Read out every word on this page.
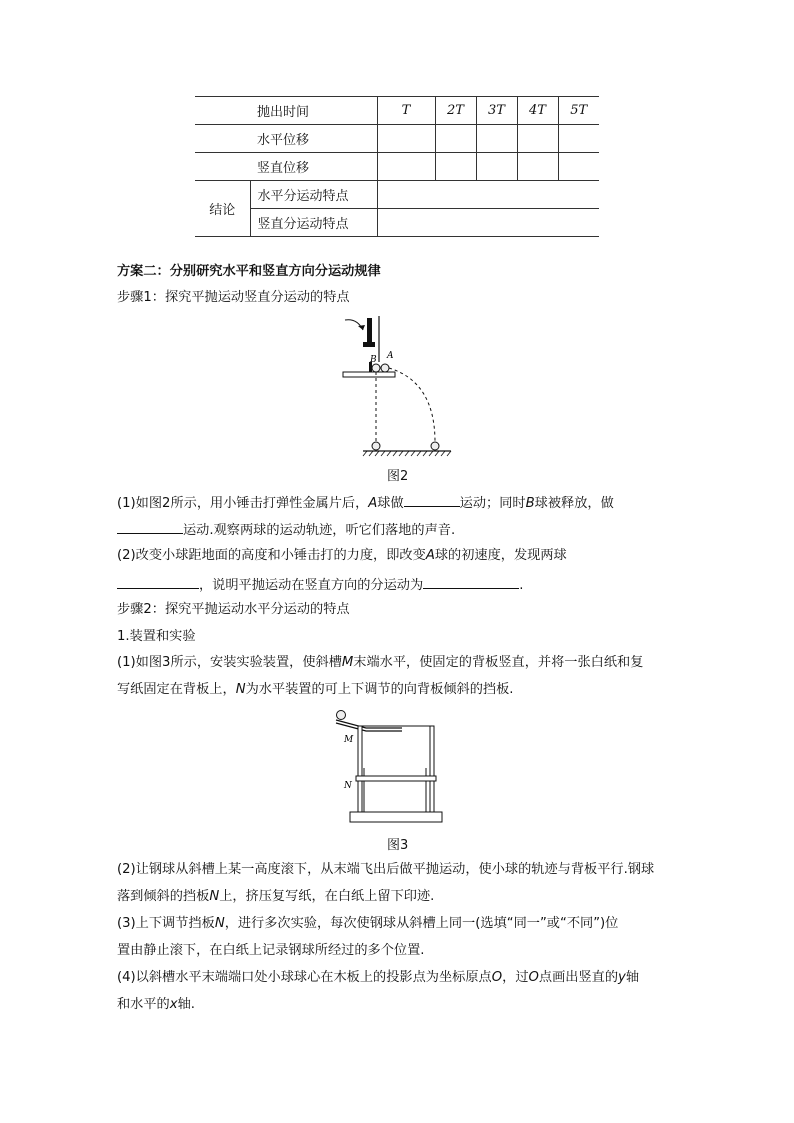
抛出时间		T	2T	3T	4T	5T
水平位移						
竖直位移						
结论	水平分运动特点					
	竖直分运动特点					
方案二：分别研究水平和竖直方向分运动规律
步骤1：探究平抛运动竖直分运动的特点
B A
图2
(1)如图2所示，用小锤击打弹性金属片后，A球做	运动；同时B球被释放，做
运动.观察两球的运动轨迹，听它们落地的声音.
(2)改变小球距地面的高度和小锤击打的力度，即改变A球的初速度，发现两球
，说明平抛运动在竖直方向的分运动为	.
步骤2：探究平抛运动水平分运动的特点
1.装置和实验
(1)如图3所示，安装实验装置，使斜槽M末端水平，使固定的背板竖直，并将一张白纸和复
写纸固定在背板上，N为水平装置的可上下调节的向背板倾斜的挡板.
M
N
图3
(2)让钢球从斜槽上某一高度滚下，从末端飞出后做平抛运动，使小球的轨迹与背板平行.钢球
落到倾斜的挡板N上，挤压复写纸，在白纸上留下印迹.
(3)上下调节挡板N，进行多次实验，每次使钢球从斜槽上同一(选填“同一”或“不同”)位
置由静止滚下，在白纸上记录钢球所经过的多个位置.
(4)以斜槽水平末端端口处小球球心在木板上的投影点为坐标原点O，过O点画出竖直的y轴
和水平的x轴.
